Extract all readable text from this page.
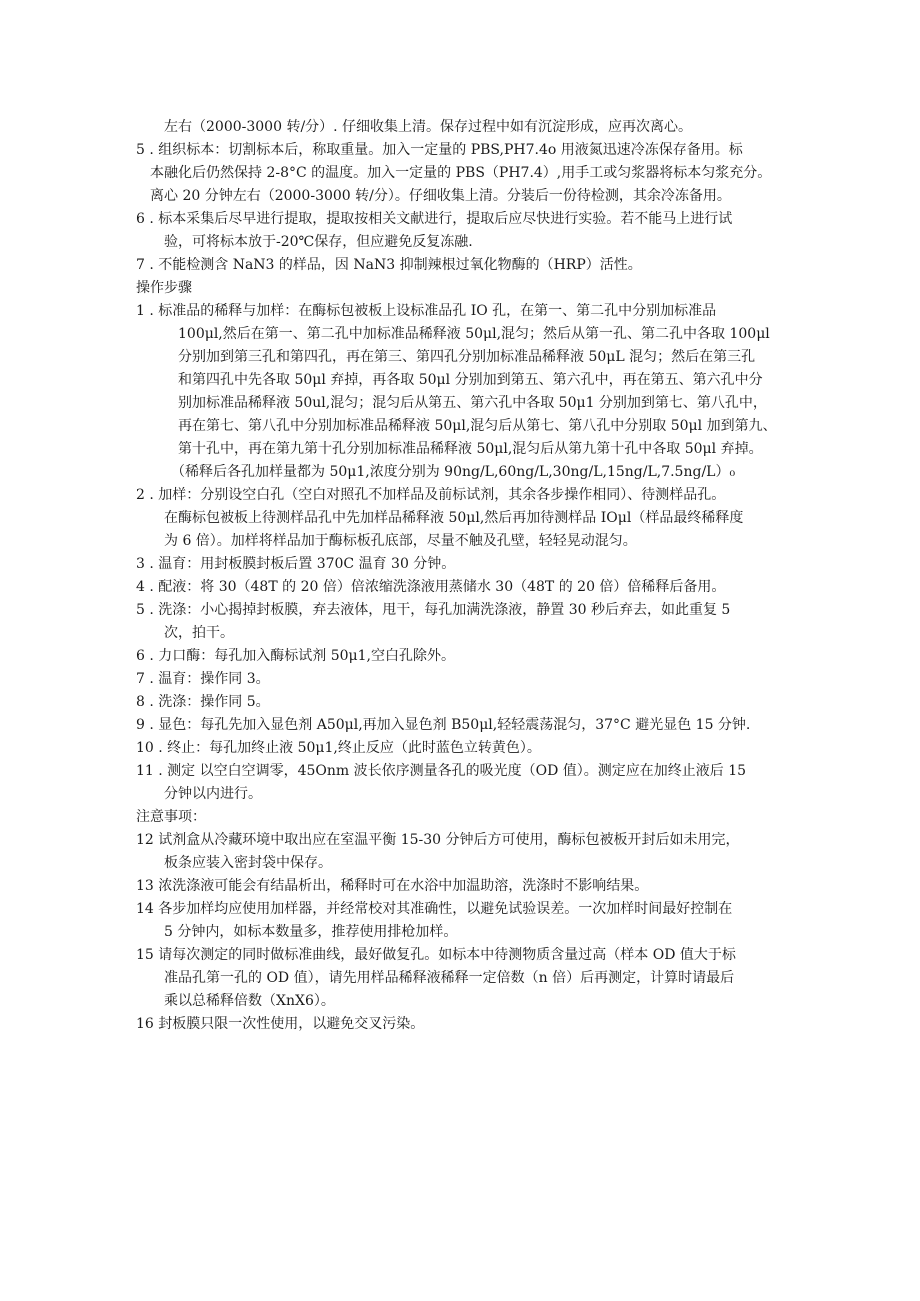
　　左右（2000-3000 转/分）. 仔细收集上清。保存过程中如有沉淀形成，应再次离心。
5 . 组织标本：切割标本后，称取重量。加入一定量的 PBS,PH7.4o 用液氮迅速冷冻保存备用。标
　本融化后仍然保持 2-8°C 的温度。加入一定量的 PBS（PH7.4）,用手工或匀浆器将标本匀浆充分。
　离心 20 分钟左右（2000-3000 转/分）。仔细收集上清。分装后一份待检测，其余冷冻备用。
6 . 标本采集后尽早进行提取，提取按相关文献进行，提取后应尽快进行实验。若不能马上进行试
　　验，可将标本放于-20℃保存，但应避免反复冻融.
7 . 不能检测含 NaN3 的样品，因 NaN3 抑制辣根过氧化物酶的（HRP）活性。
操作步骤
1 . 标准品的稀释与加样：在酶标包被板上设标准品孔 IO 孔，在第一、第二孔中分别加标准品
　　　100μl,然后在第一、第二孔中加标准品稀释液 50μl,混匀；然后从第一孔、第二孔中各取 100μl
　　　分别加到第三孔和第四孔，再在第三、第四孔分别加标准品稀释液 50μL 混匀；然后在第三孔
　　　和第四孔中先各取 50μl 弃掉，再各取 50μl 分别加到第五、第六孔中，再在第五、第六孔中分
　　　别加标准品稀释液 50ul,混匀；混匀后从第五、第六孔中各取 50μ1 分别加到第七、第八孔中，
　　　再在第七、第八孔中分别加标准品稀释液 50μl,混匀后从第七、第八孔中分别取 50μl 加到第九、
　　　第十孔中，再在第九第十孔分别加标准品稀释液 50μl,混匀后从第九第十孔中各取 50μl 弃掉。
　　　（稀释后各孔加样量都为 50μ1,浓度分别为 90ng/L,60ng/L,30ng/L,15ng/L,7.5ng/L）₀
2 . 加样：分别设空白孔（空白对照孔不加样品及前标试剂，其余各步操作相同）、待测样品孔。
　　在酶标包被板上待测样品孔中先加样品稀释液 50μl,然后再加待测样品 IOμl（样品最终稀释度
　　为 6 倍）。加样将样品加于酶标板孔底部，尽量不触及孔壁，轻轻晃动混匀。
3 . 温育：用封板膜封板后置 370C 温育 30 分钟。
4 . 配液：将 30（48T 的 20 倍）倍浓缩洗涤液用蒸储水 30（48T 的 20 倍）倍稀释后备用。
5 . 洗涤：小心揭掉封板膜，弃去液体，甩干，每孔加满洗涤液，静置 30 秒后弃去，如此重复 5
　　次，拍干。
6 . 力口酶：每孔加入酶标试剂 50μ1,空白孔除外。
7 . 温育：操作同 3。
8 . 洗涤：操作同 5。
9 . 显色：每孔先加入显色剂 A50μl,再加入显色剂 B50μl,轻轻震荡混匀，37°C 避光显色 15 分钟.
10 . 终止：每孔加终止液 50μ1,终止反应（此时蓝色立转黄色）。
11 . 测定 以空白空调零，45Onm 波长依序测量各孔的吸光度（OD 值）。测定应在加终止液后 15
　　分钟以内进行。
注意事项：
12 试剂盒从冷藏环境中取出应在室温平衡 15-30 分钟后方可使用，酶标包被板开封后如未用完，
　　板条应装入密封袋中保存。
13 浓洗涤液可能会有结晶析出，稀释时可在水浴中加温助溶，洗涤时不影响结果。
14 各步加样均应使用加样器，并经常校对其准确性，以避免试验误差。一次加样时间最好控制在
　　5 分钟内，如标本数量多，推荐使用排枪加样。
15 请每次测定的同时做标准曲线，最好做复孔。如标本中待测物质含量过高（样本 OD 值大于标
　　准品孔第一孔的 OD 值），请先用样品稀释液稀释一定倍数（n 倍）后再测定，计算时请最后
　　乘以总稀释倍数（XnX6）。
16 封板膜只限一次性使用，以避免交叉污染。
